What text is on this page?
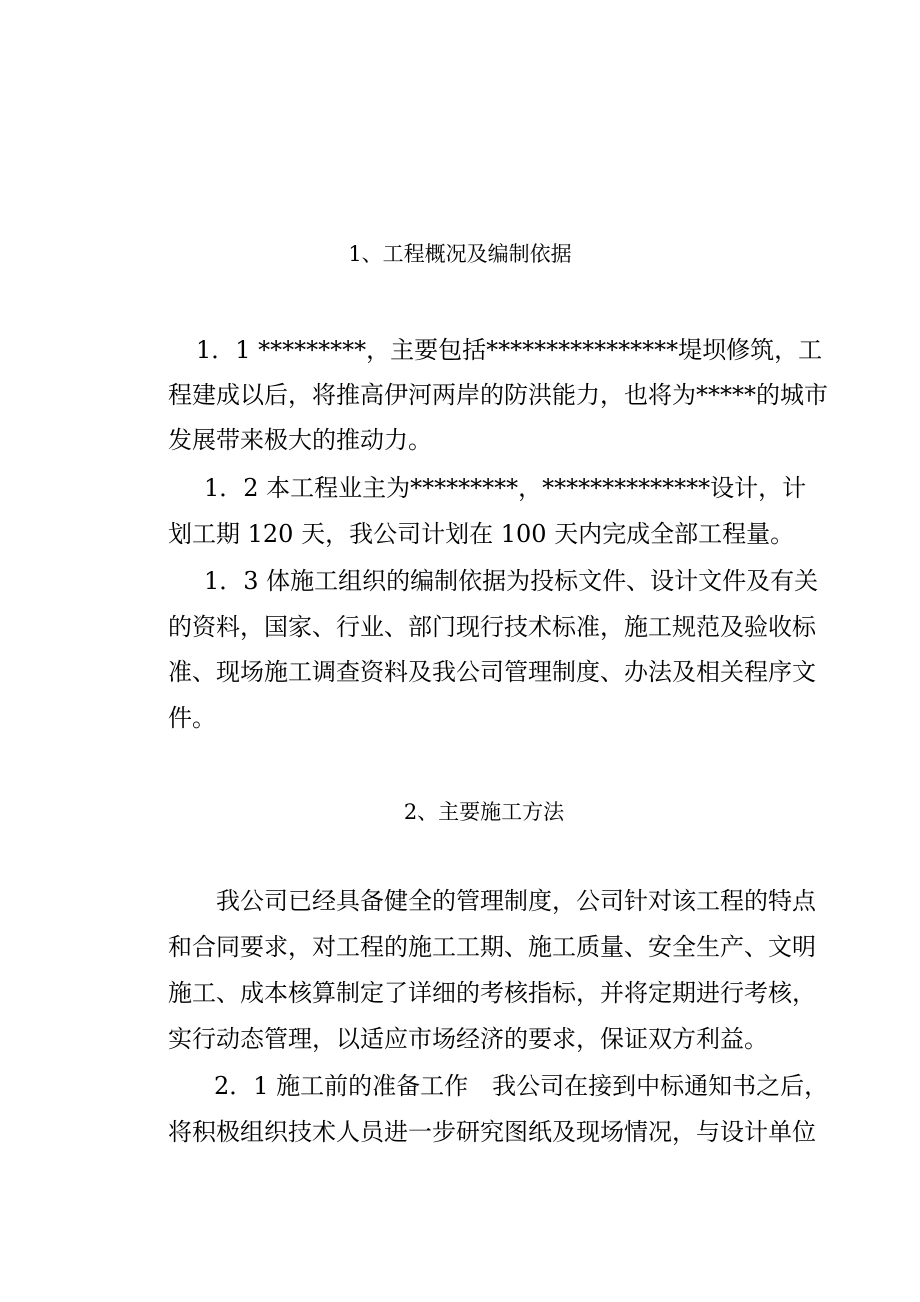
1、工程概况及编制依据
1．1 *********，主要包括****************堤坝修筑，工
程建成以后，将推高伊河两岸的防洪能力，也将为*****的城市
发展带来极大的推动力。
1．2 本工程业主为*********，**************设计，计
划工期 120 天，我公司计划在 100 天内完成全部工程量。
1．3 体施工组织的编制依据为投标文件、设计文件及有关
的资料，国家、行业、部门现行技术标准，施工规范及验收标
准、现场施工调查资料及我公司管理制度、办法及相关程序文
件。
2、主要施工方法
我公司已经具备健全的管理制度，公司针对该工程的特点
和合同要求，对工程的施工工期、施工质量、安全生产、文明
施工、成本核算制定了详细的考核指标，并将定期进行考核，
实行动态管理，以适应市场经济的要求，保证双方利益。
2．1 施工前的准备工作　我公司在接到中标通知书之后，
将积极组织技术人员进一步研究图纸及现场情况，与设计单位
